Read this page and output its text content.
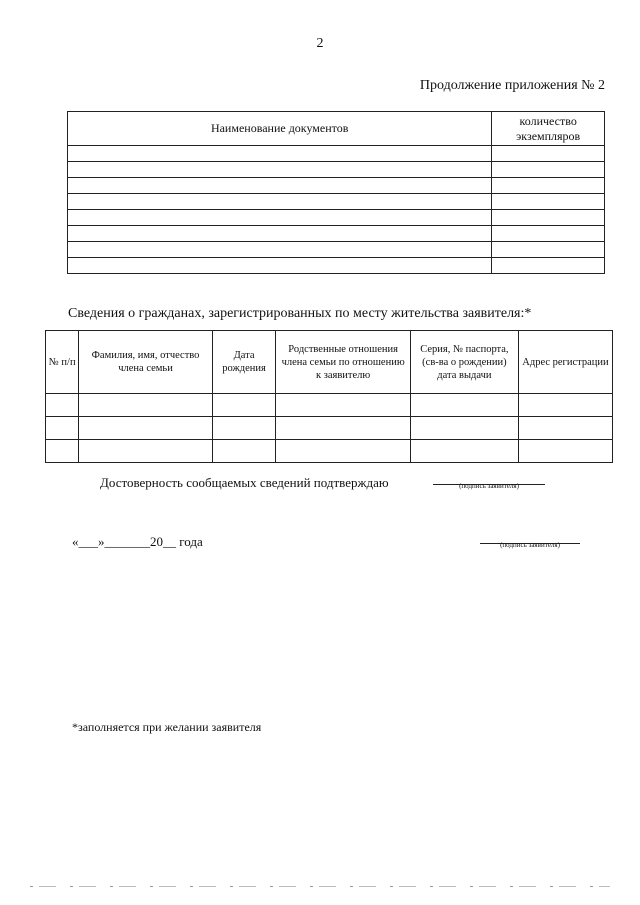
2
Продолжение приложения № 2
Наименование документов	количество экземпляров

Сведения о гражданах, зарегистрированных по месту жительства заявителя:*
№ п/п	Фамилия, имя, отчество члена семьи	Дата рождения	Родственные отношения члена семьи по отношению к заявителю	Серия, № паспорта, (св-ва о рождении) дата выдачи	Адрес регистрации

Достоверность сообщаемых сведений подтверждаю	(подпись заявителя)
«___»_______20__ года	(подпись заявителя)
*заполняется при желании заявителя
